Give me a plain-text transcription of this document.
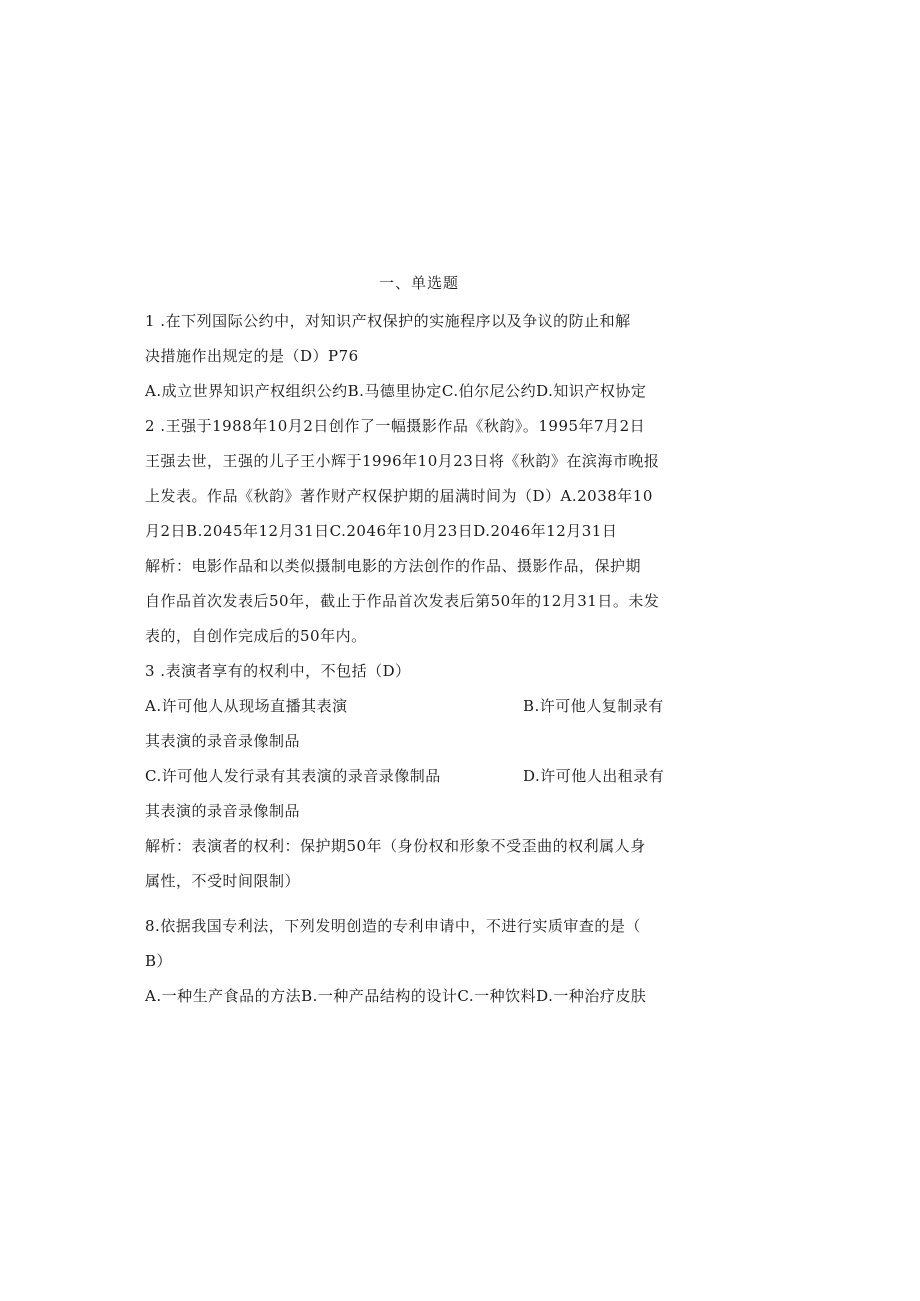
一、单选题

1 .在下列国际公约中，对知识产权保护的实施程序以及争议的防止和解

决措施作出规定的是（D）P76

A.成立世界知识产权组织公约B.马德里协定C.伯尔尼公约D.知识产权协定

2 .王强于1988年10月2日创作了一幅摄影作品《秋韵》。1995年7月2日

王强去世，王强的儿子王小辉于1996年10月23日将《秋韵》在滨海市晚报

上发表。作品《秋韵》著作财产权保护期的届满时间为（D）A.2038年10

月2日B.2045年12月31日C.2046年10月23日D.2046年12月31日

解析：电影作品和以类似摄制电影的方法创作的作品、摄影作品，保护期

自作品首次发表后50年，截止于作品首次发表后第50年的12月31日。未发

表的，自创作完成后的50年内。

3 .表演者享有的权利中，不包括（D）

A.许可他人从现场直播其表演	B.许可他人复制录有

其表演的录音录像制品

C.许可他人发行录有其表演的录音录像制品	D.许可他人出租录有

其表演的录音录像制品

解析：表演者的权利：保护期50年（身份权和形象不受歪曲的权利属人身

属性，不受时间限制）

8.依据我国专利法，下列发明创造的专利申请中，不进行实质审查的是（

B）

A.一种生产食品的方法B.一种产品结构的设计C.一种饮料D.一种治疗皮肤
